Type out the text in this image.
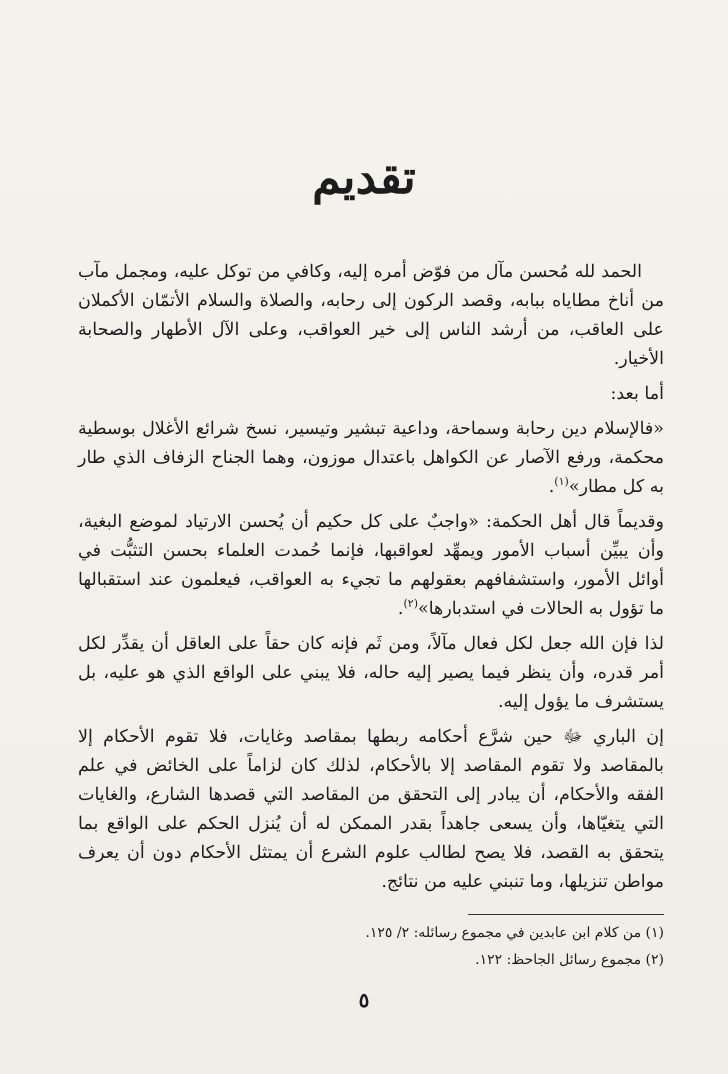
تقديم

الحمد لله مُحسن مآل من فوّض أمره إليه، وكافي من توكل عليه، ومجمل مآب من أناخ مطاياه ببابه، وقصد الركون إلى رحابه، والصلاة والسلام الأتمّان الأكملان على العاقب، من أرشد الناس إلى خير العواقب، وعلى الآل الأطهار والصحابة الأخيار.

أما بعد:

«فالإسلام دين رحابة وسماحة، وداعية تبشير وتيسير، نسخ شرائع الأغلال بوسطية محكمة، ورفع الآصار عن الكواهل باعتدال موزون، وهما الجناح الزفاف الذي طار به كل مطار»$^{(١)}$.

وقديماً قال أهل الحكمة: «واجبٌ على كل حكيم أن يُحسن الارتياد لموضع البغية، وأن يبيِّن أسباب الأمور ويمهِّد لعواقبها، فإنما حُمدت العلماء بحسن التثبُّت في أوائل الأمور، واستشفافهم بعقولهم ما تجيء به العواقب، فيعلمون عند استقبالها ما تؤول به الحالات في استدبارها»$^{(٢)}$.

لذا فإن الله جعل لكل فعال مآلاً، ومن ثَم فإنه كان حقاً على العاقل أن يقدِّر لكل أمر قدره، وأن ينظر فيما يصير إليه حاله، فلا يبني على الواقع الذي هو عليه، بل يستشرف ما يؤول إليه.

إن الباري ﷻ حين شرَّع أحكامه ربطها بمقاصد وغايات، فلا تقوم الأحكام إلا بالمقاصد ولا تقوم المقاصد إلا بالأحكام، لذلك كان لزاماً على الخائض في علم الفقه والأحكام، أن يبادر إلى التحقق من المقاصد التي قصدها الشارع، والغايات التي يتغيّاها، وأن يسعى جاهداً بقدر الممكن له أن يُنزل الحكم على الواقع بما يتحقق به القصد، فلا يصح لطالب علوم الشرع أن يمتثل الأحكام دون أن يعرف مواطن تنزيلها، وما تنبني عليه من نتائج.

(١) من كلام ابن عابدين في مجموع رسائله: ٢/ ١٢٥.
(٢) مجموع رسائل الجاحظ: ١٢٢.
٥
